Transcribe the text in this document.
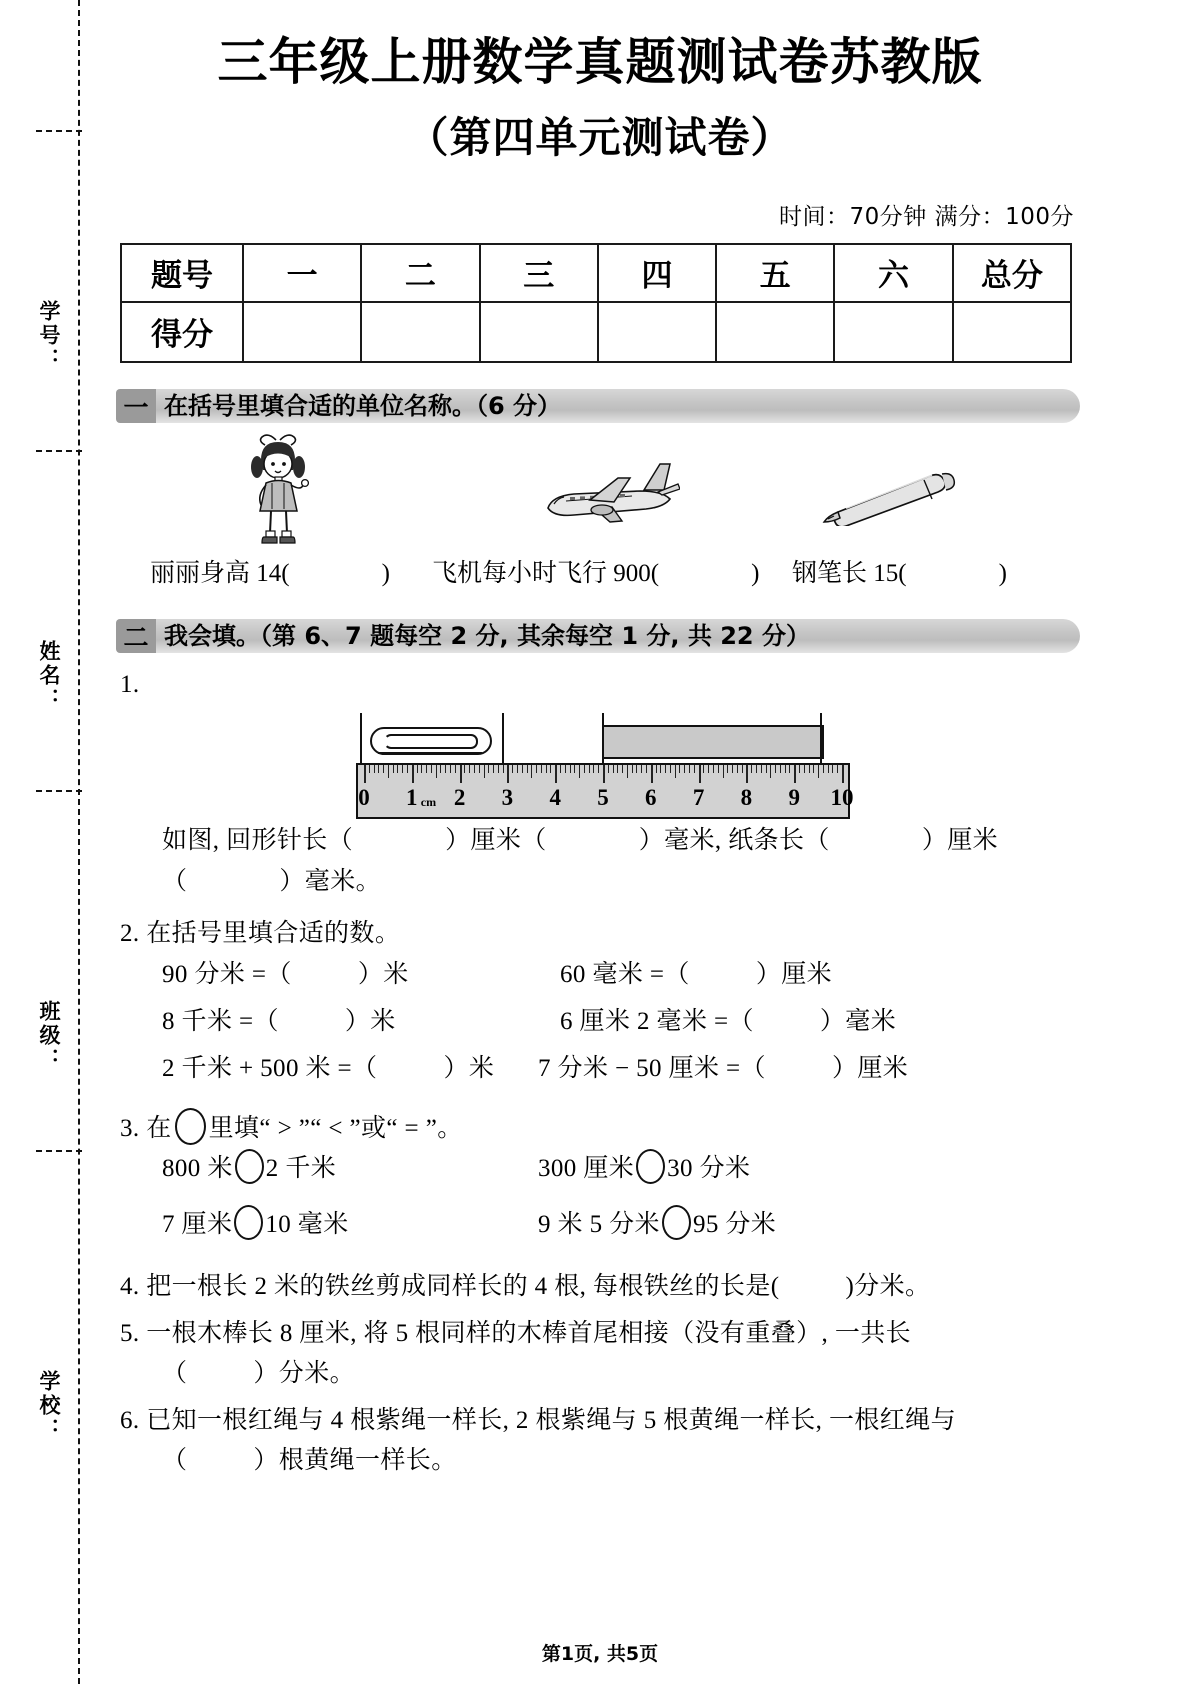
学号：
姓名：
班级：
学校：
三年级上册数学真题测试卷苏教版
（第四单元测试卷）
时间：70分钟 满分：100分
题号	一	二	三	四	五	六	总分
得分							
一 在括号里填合适的单位名称。（6 分）
丽丽身高 14(	) 飞机每小时飞行 900(	) 钢笔长 15(	)
二 我会填。（第 6、7 题每空 2 分, 其余每空 1 分, 共 22 分）
1.
0 1 cm 2 3 4 5 6 7 8 9 10
如图, 回形针长（	）厘米（	）毫米, 纸条长（	）厘米
（	）毫米。
2. 在括号里填合适的数。
90 分米 =（	）米	60 毫米 =（	）厘米
8 千米 =（	）米	6 厘米 2 毫米 =（	）毫米
2 千米 + 500 米 =（	）米 7 分米 − 50 厘米 =（	）厘米
3. 在 里填“ > ”“ < ”或“ = ”。
800 米 2 千米	300 厘米 30 分米
7 厘米 10 毫米	9 米 5 分米 95 分米
4. 把一根长 2 米的铁丝剪成同样长的 4 根, 每根铁丝的长是(	)分米。
5. 一根木棒长 8 厘米, 将 5 根同样的木棒首尾相接（没有重叠）, 一共长
（	）分米。
6. 已知一根红绳与 4 根紫绳一样长, 2 根紫绳与 5 根黄绳一样长, 一根红绳与
（	）根黄绳一样长。
第1页, 共5页
